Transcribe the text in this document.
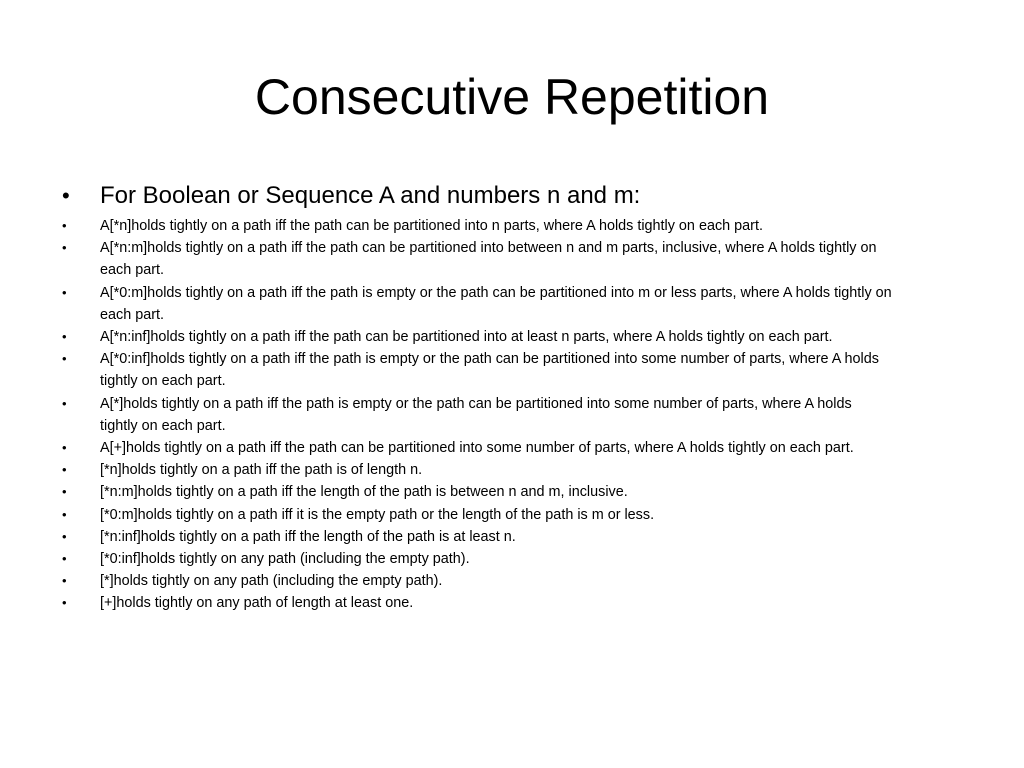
Consecutive Repetition

• For Boolean or Sequence A and numbers n and m:

• A[*n]holds tightly on a path iff the path can be partitioned into n parts, where A holds tightly on each part.
• A[*n:m]holds tightly on a path iff the path can be partitioned into between n and m parts, inclusive, where A holds tightly on each part.
• A[*0:m]holds tightly on a path iff the path is empty or the path can be partitioned into m or less parts, where A holds tightly on each part.
• A[*n:inf]holds tightly on a path iff the path can be partitioned into at least n parts, where A holds tightly on each part.
• A[*0:inf]holds tightly on a path iff the path is empty or the path can be partitioned into some number of parts, where A holds tightly on each part.
• A[*]holds tightly on a path iff the path is empty or the path can be partitioned into some number of parts, where A holds tightly on each part.
• A[+]holds tightly on a path iff the path can be partitioned into some number of parts, where A holds tightly on each part.
• [*n]holds tightly on a path iff the path is of length n.
• [*n:m]holds tightly on a path iff the length of the path is between n and m, inclusive.
• [*0:m]holds tightly on a path iff it is the empty path or the length of the path is m or less.
• [*n:inf]holds tightly on a path iff the length of the path is at least n.
• [*0:inf]holds tightly on any path (including the empty path).
• [*]holds tightly on any path (including the empty path).
• [+]holds tightly on any path of length at least one.
